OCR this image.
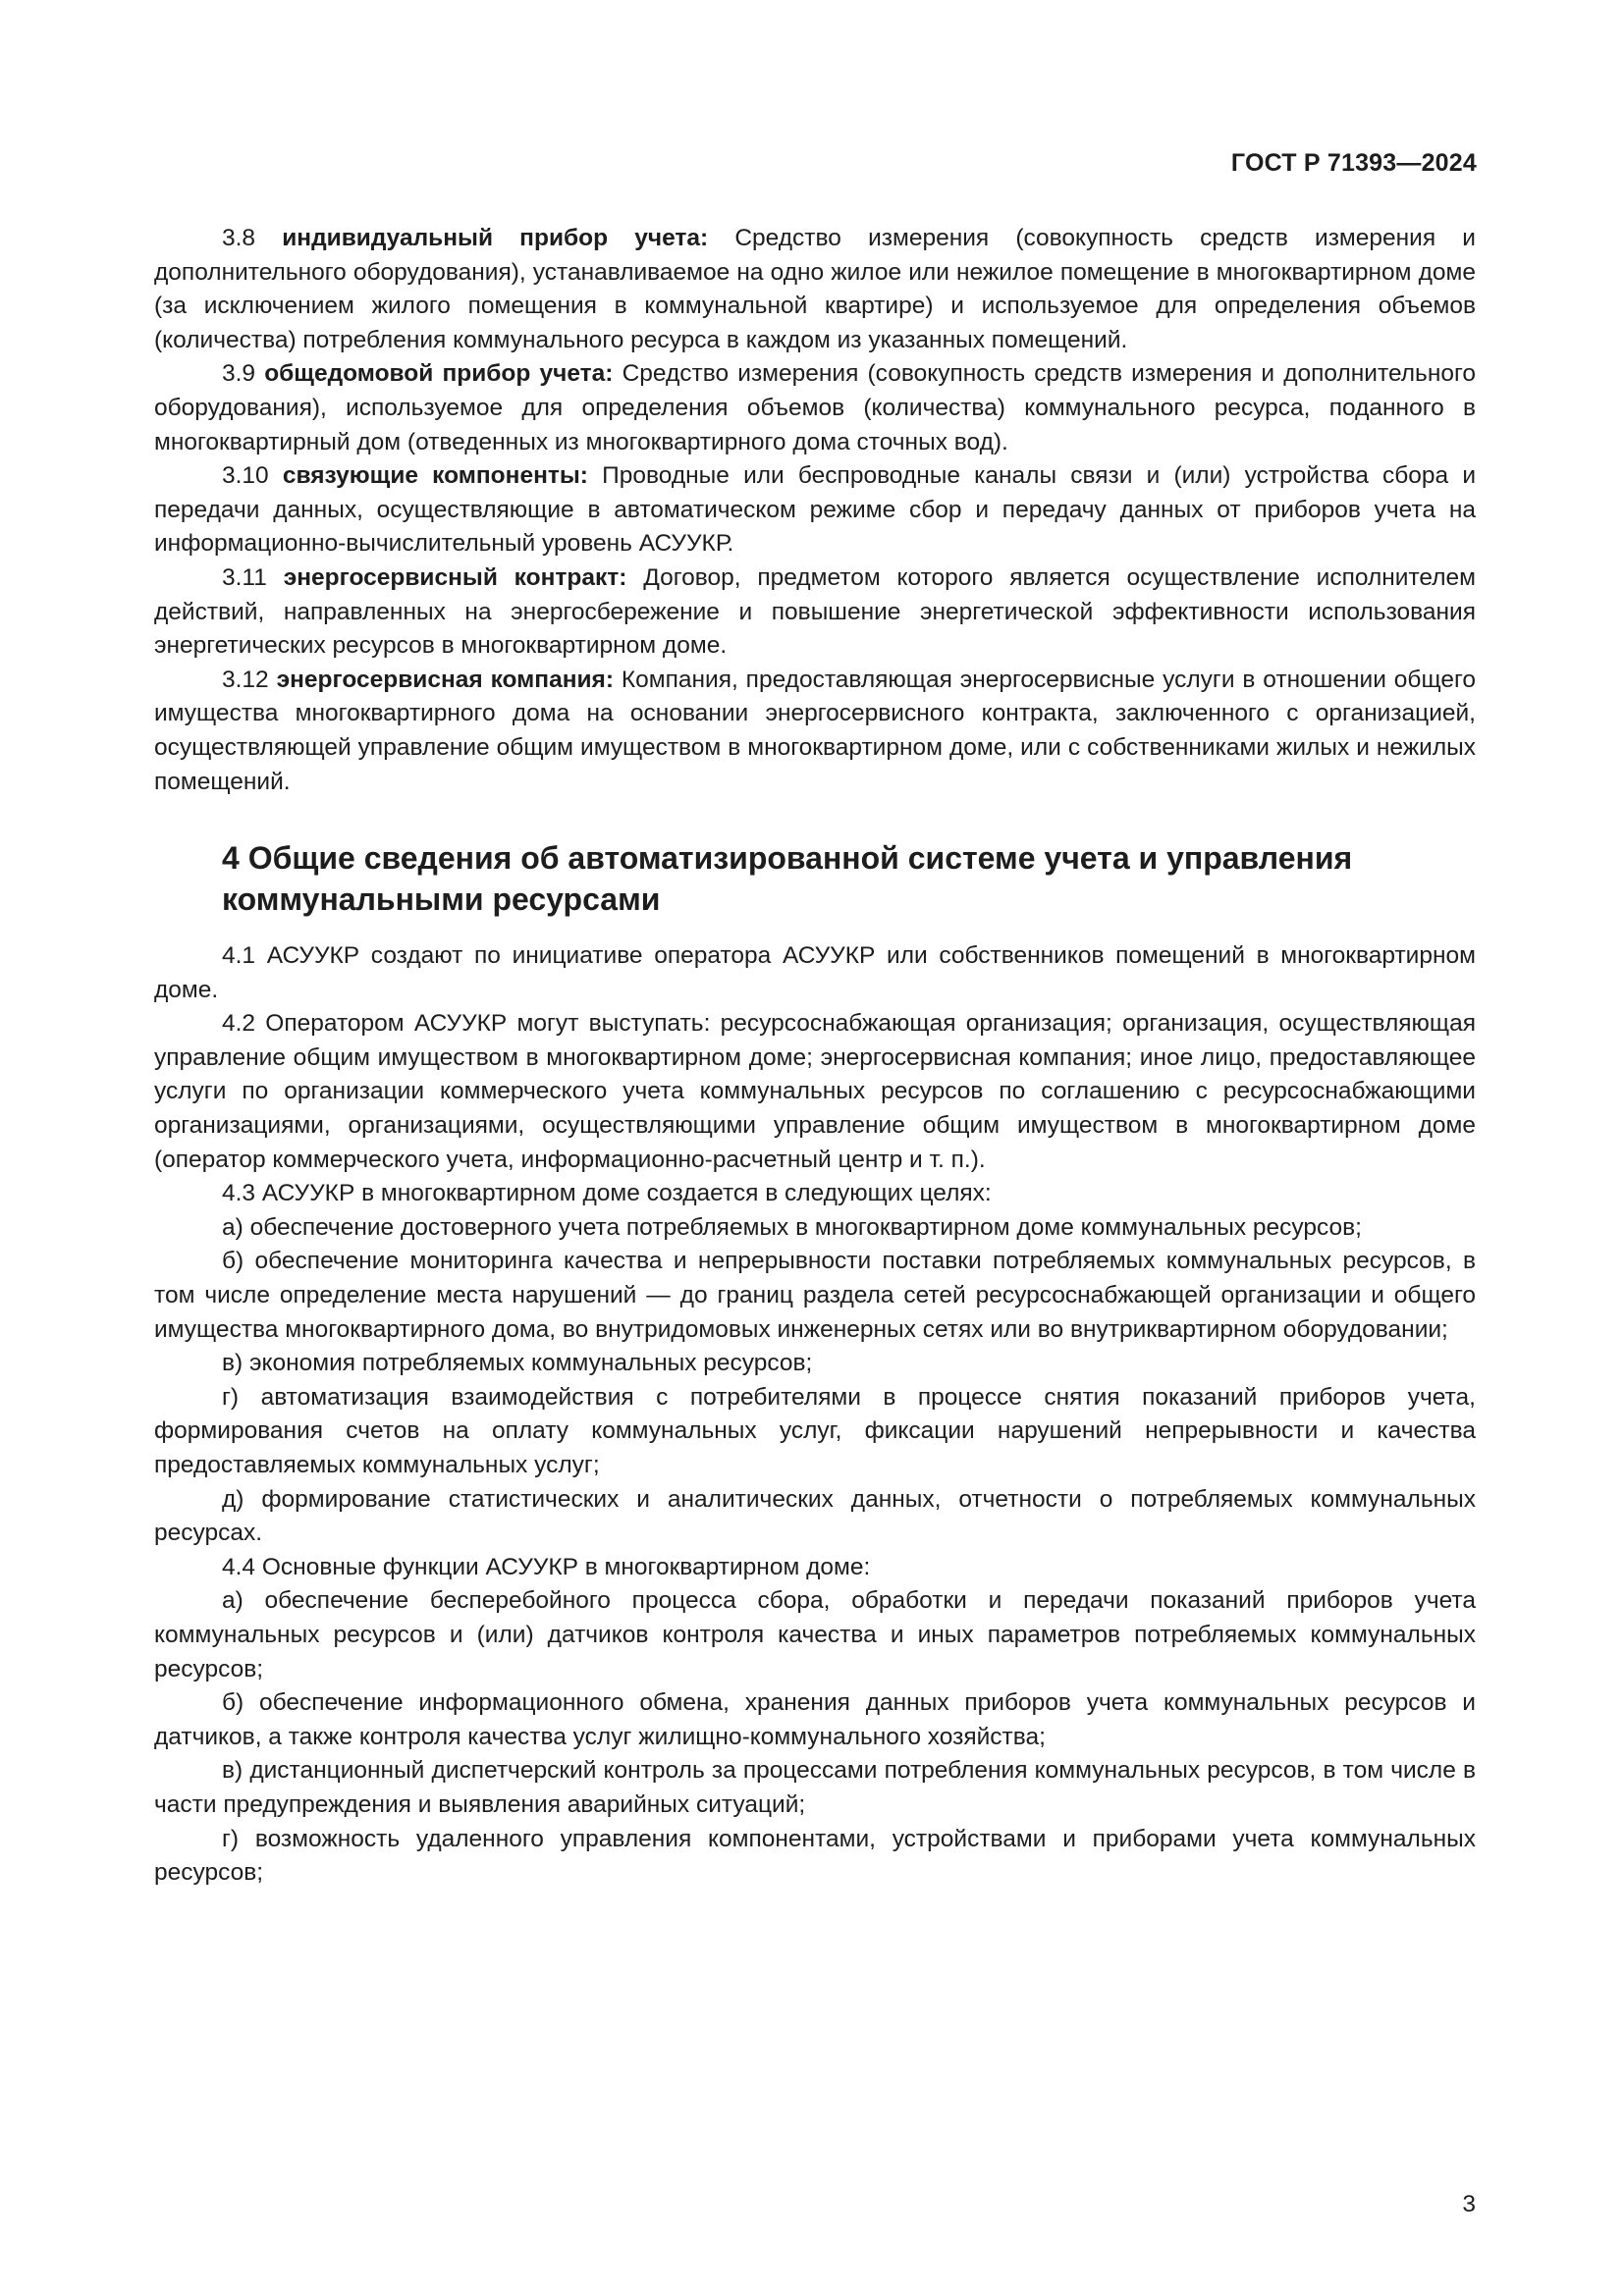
ГОСТ Р 71393—2024

3.8 индивидуальный прибор учета: Средство измерения (совокупность средств измерения и дополнительного оборудования), устанавливаемое на одно жилое или нежилое помещение в многоквартирном доме (за исключением жилого помещения в коммунальной квартире) и используемое для определения объемов (количества) потребления коммунального ресурса в каждом из указанных помещений.

3.9 общедомовой прибор учета: Средство измерения (совокупность средств измерения и дополнительного оборудования), используемое для определения объемов (количества) коммунального ресурса, поданного в многоквартирный дом (отведенных из многоквартирного дома сточных вод).

3.10 связующие компоненты: Проводные или беспроводные каналы связи и (или) устройства сбора и передачи данных, осуществляющие в автоматическом режиме сбор и передачу данных от приборов учета на информационно-вычислительный уровень АСУУКР.

3.11 энергосервисный контракт: Договор, предметом которого является осуществление исполнителем действий, направленных на энергосбережение и повышение энергетической эффективности использования энергетических ресурсов в многоквартирном доме.

3.12 энергосервисная компания: Компания, предоставляющая энергосервисные услуги в отношении общего имущества многоквартирного дома на основании энергосервисного контракта, заключенного с организацией, осуществляющей управление общим имуществом в многоквартирном доме, или с собственниками жилых и нежилых помещений.

4 Общие сведения об автоматизированной системе учета и управления коммунальными ресурсами

4.1 АСУУКР создают по инициативе оператора АСУУКР или собственников помещений в многоквартирном доме.

4.2 Оператором АСУУКР могут выступать: ресурсоснабжающая организация; организация, осуществляющая управление общим имуществом в многоквартирном доме; энергосервисная компания; иное лицо, предоставляющее услуги по организации коммерческого учета коммунальных ресурсов по соглашению с ресурсоснабжающими организациями, организациями, осуществляющими управление общим имуществом в многоквартирном доме (оператор коммерческого учета, информационно-расчетный центр и т. п.).

4.3 АСУУКР в многоквартирном доме создается в следующих целях:

а) обеспечение достоверного учета потребляемых в многоквартирном доме коммунальных ресурсов;

б) обеспечение мониторинга качества и непрерывности поставки потребляемых коммунальных ресурсов, в том числе определение места нарушений — до границ раздела сетей ресурсоснабжающей организации и общего имущества многоквартирного дома, во внутридомовых инженерных сетях или во внутриквартирном оборудовании;

в) экономия потребляемых коммунальных ресурсов;

г) автоматизация взаимодействия с потребителями в процессе снятия показаний приборов учета, формирования счетов на оплату коммунальных услуг, фиксации нарушений непрерывности и качества предоставляемых коммунальных услуг;

д) формирование статистических и аналитических данных, отчетности о потребляемых коммунальных ресурсах.

4.4 Основные функции АСУУКР в многоквартирном доме:

а) обеспечение бесперебойного процесса сбора, обработки и передачи показаний приборов учета коммунальных ресурсов и (или) датчиков контроля качества и иных параметров потребляемых коммунальных ресурсов;

б) обеспечение информационного обмена, хранения данных приборов учета коммунальных ресурсов и датчиков, а также контроля качества услуг жилищно-коммунального хозяйства;

в) дистанционный диспетчерский контроль за процессами потребления коммунальных ресурсов, в том числе в части предупреждения и выявления аварийных ситуаций;

г) возможность удаленного управления компонентами, устройствами и приборами учета коммунальных ресурсов;

3
